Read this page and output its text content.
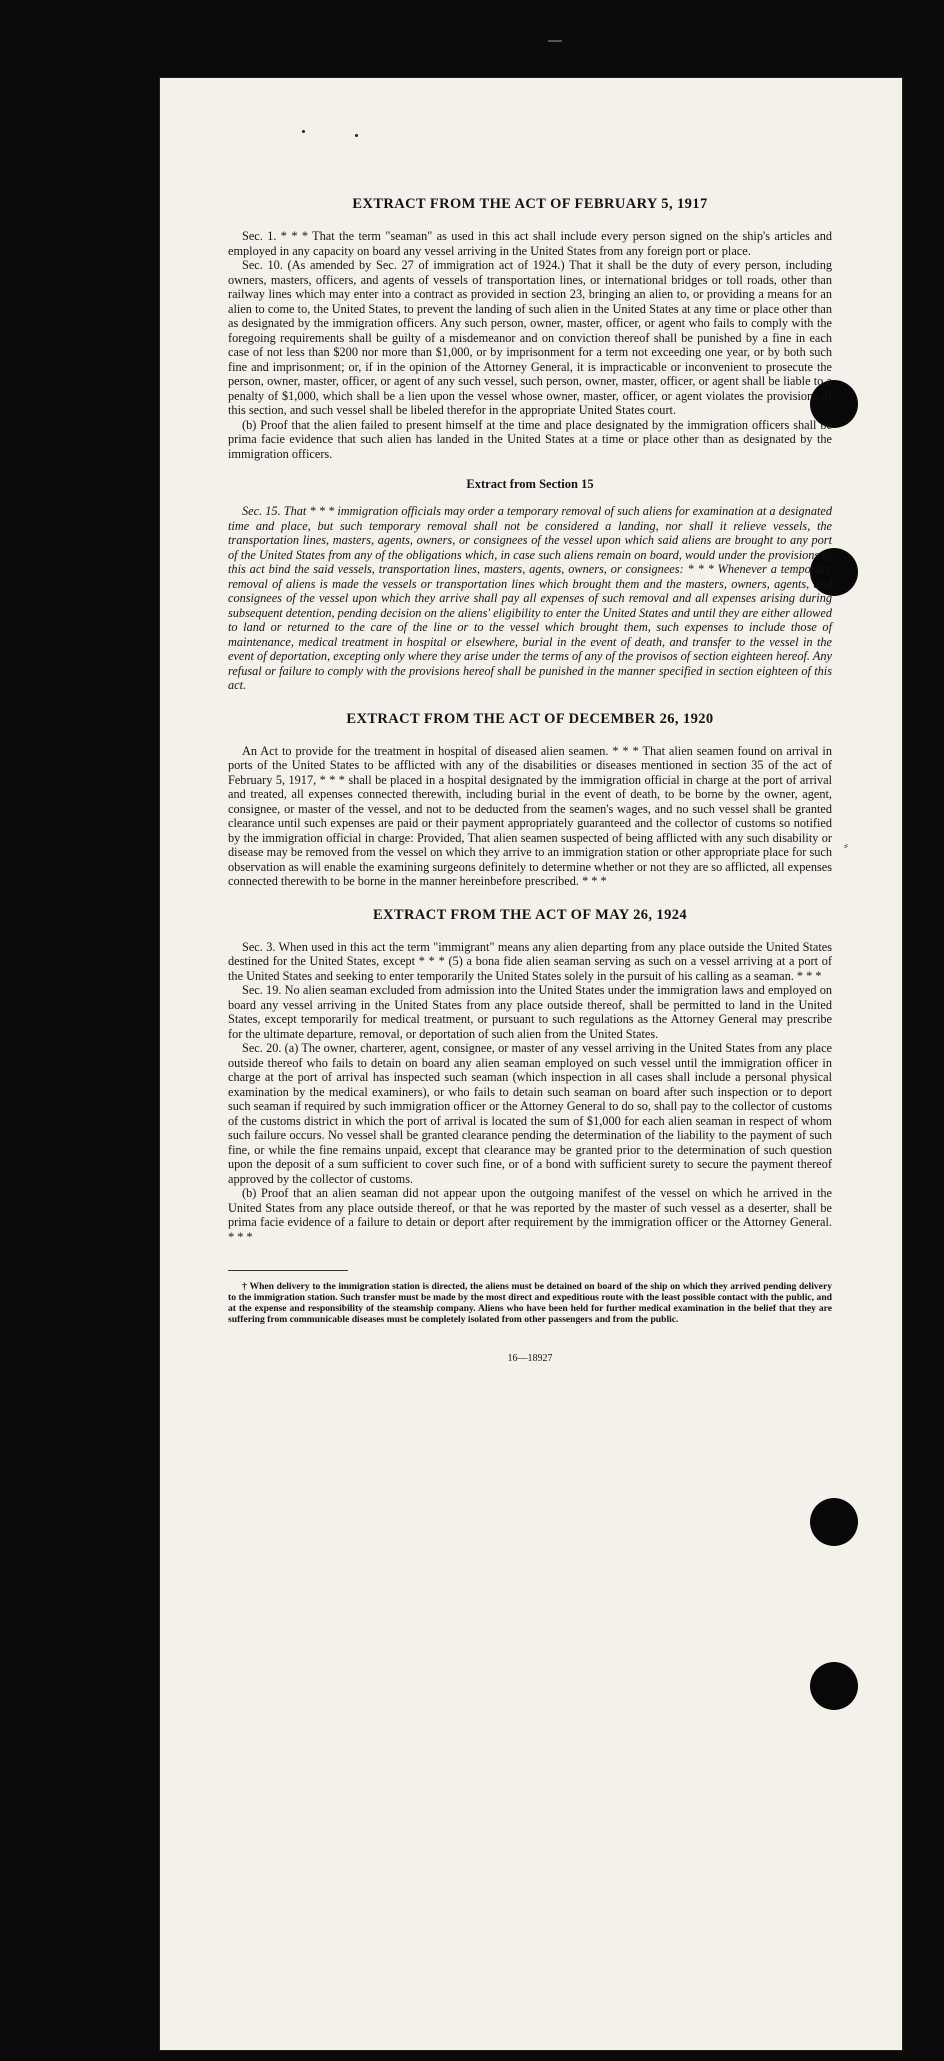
⸗
EXTRACT FROM THE ACT OF FEBRUARY 5, 1917

Sec. 1. * * * That the term "seaman" as used in this act shall include every person signed on the ship's articles and employed in any capacity on board any vessel arriving in the United States from any foreign port or place.

Sec. 10. (As amended by Sec. 27 of immigration act of 1924.) That it shall be the duty of every person, including owners, masters, officers, and agents of vessels of transportation lines, or international bridges or toll roads, other than railway lines which may enter into a contract as provided in section 23, bringing an alien to, or providing a means for an alien to come to, the United States, to prevent the landing of such alien in the United States at any time or place other than as designated by the immigration officers. Any such person, owner, master, officer, or agent who fails to comply with the foregoing requirements shall be guilty of a misdemeanor and on conviction thereof shall be punished by a fine in each case of not less than $200 nor more than $1,000, or by imprisonment for a term not exceeding one year, or by both such fine and imprisonment; or, if in the opinion of the Attorney General, it is impracticable or inconvenient to prosecute the person, owner, master, officer, or agent of any such vessel, such person, owner, master, officer, or agent shall be liable to a penalty of $1,000, which shall be a lien upon the vessel whose owner, master, officer, or agent violates the provisions of this section, and such vessel shall be libeled therefor in the appropriate United States court.

(b) Proof that the alien failed to present himself at the time and place designated by the immigration officers shall be prima facie evidence that such alien has landed in the United States at a time or place other than as designated by the immigration officers.

Extract from Section 15

Sec. 15. That * * * immigration officials may order a temporary removal of such aliens for examination at a designated time and place, but such temporary removal shall not be considered a landing, nor shall it relieve vessels, the transportation lines, masters, agents, owners, or consignees of the vessel upon which said aliens are brought to any port of the United States from any of the obligations which, in case such aliens remain on board, would under the provisions of this act bind the said vessels, transportation lines, masters, agents, owners, or consignees: * * * Whenever a temporary removal of aliens is made the vessels or transportation lines which brought them and the masters, owners, agents, and consignees of the vessel upon which they arrive shall pay all expenses of such removal and all expenses arising during subsequent detention, pending decision on the aliens' eligibility to enter the United States and until they are either allowed to land or returned to the care of the line or to the vessel which brought them, such expenses to include those of maintenance, medical treatment in hospital or elsewhere, burial in the event of death, and transfer to the vessel in the event of deportation, excepting only where they arise under the terms of any of the provisos of section eighteen hereof. Any refusal or failure to comply with the provisions hereof shall be punished in the manner specified in section eighteen of this act.

EXTRACT FROM THE ACT OF DECEMBER 26, 1920

An Act to provide for the treatment in hospital of diseased alien seamen. * * * That alien seamen found on arrival in ports of the United States to be afflicted with any of the disabilities or diseases mentioned in section 35 of the act of February 5, 1917, * * * shall be placed in a hospital designated by the immigration official in charge at the port of arrival and treated, all expenses connected therewith, including burial in the event of death, to be borne by the owner, agent, consignee, or master of the vessel, and not to be deducted from the seamen's wages, and no such vessel shall be granted clearance until such expenses are paid or their payment appropriately guaranteed and the collector of customs so notified by the immigration official in charge: Provided, That alien seamen suspected of being afflicted with any such disability or disease may be removed from the vessel on which they arrive to an immigration station or other appropriate place for such observation as will enable the examining surgeons definitely to determine whether or not they are so afflicted, all expenses connected therewith to be borne in the manner hereinbefore prescribed. * * *

EXTRACT FROM THE ACT OF MAY 26, 1924

Sec. 3. When used in this act the term "immigrant" means any alien departing from any place outside the United States destined for the United States, except * * * (5) a bona fide alien seaman serving as such on a vessel arriving at a port of the United States and seeking to enter temporarily the United States solely in the pursuit of his calling as a seaman. * * *

Sec. 19. No alien seaman excluded from admission into the United States under the immigration laws and employed on board any vessel arriving in the United States from any place outside thereof, shall be permitted to land in the United States, except temporarily for medical treatment, or pursuant to such regulations as the Attorney General may prescribe for the ultimate departure, removal, or deportation of such alien from the United States.

Sec. 20. (a) The owner, charterer, agent, consignee, or master of any vessel arriving in the United States from any place outside thereof who fails to detain on board any alien seaman employed on such vessel until the immigration officer in charge at the port of arrival has inspected such seaman (which inspection in all cases shall include a personal physical examination by the medical examiners), or who fails to detain such seaman on board after such inspection or to deport such seaman if required by such immigration officer or the Attorney General to do so, shall pay to the collector of customs of the customs district in which the port of arrival is located the sum of $1,000 for each alien seaman in respect of whom such failure occurs. No vessel shall be granted clearance pending the determination of the liability to the payment of such fine, or while the fine remains unpaid, except that clearance may be granted prior to the determination of such question upon the deposit of a sum sufficient to cover such fine, or of a bond with sufficient surety to secure the payment thereof approved by the collector of customs.

(b) Proof that an alien seaman did not appear upon the outgoing manifest of the vessel on which he arrived in the United States from any place outside thereof, or that he was reported by the master of such vessel as a deserter, shall be prima facie evidence of a failure to detain or deport after requirement by the immigration officer or the Attorney General. * * *

† When delivery to the immigration station is directed, the aliens must be detained on board of the ship on which they arrived pending delivery to the immigration station. Such transfer must be made by the most direct and expeditious route with the least possible contact with the public, and at the expense and responsibility of the steamship company. Aliens who have been held for further medical examination in the belief that they are suffering from communicable diseases must be completely isolated from other passengers and from the public.

16—18927
